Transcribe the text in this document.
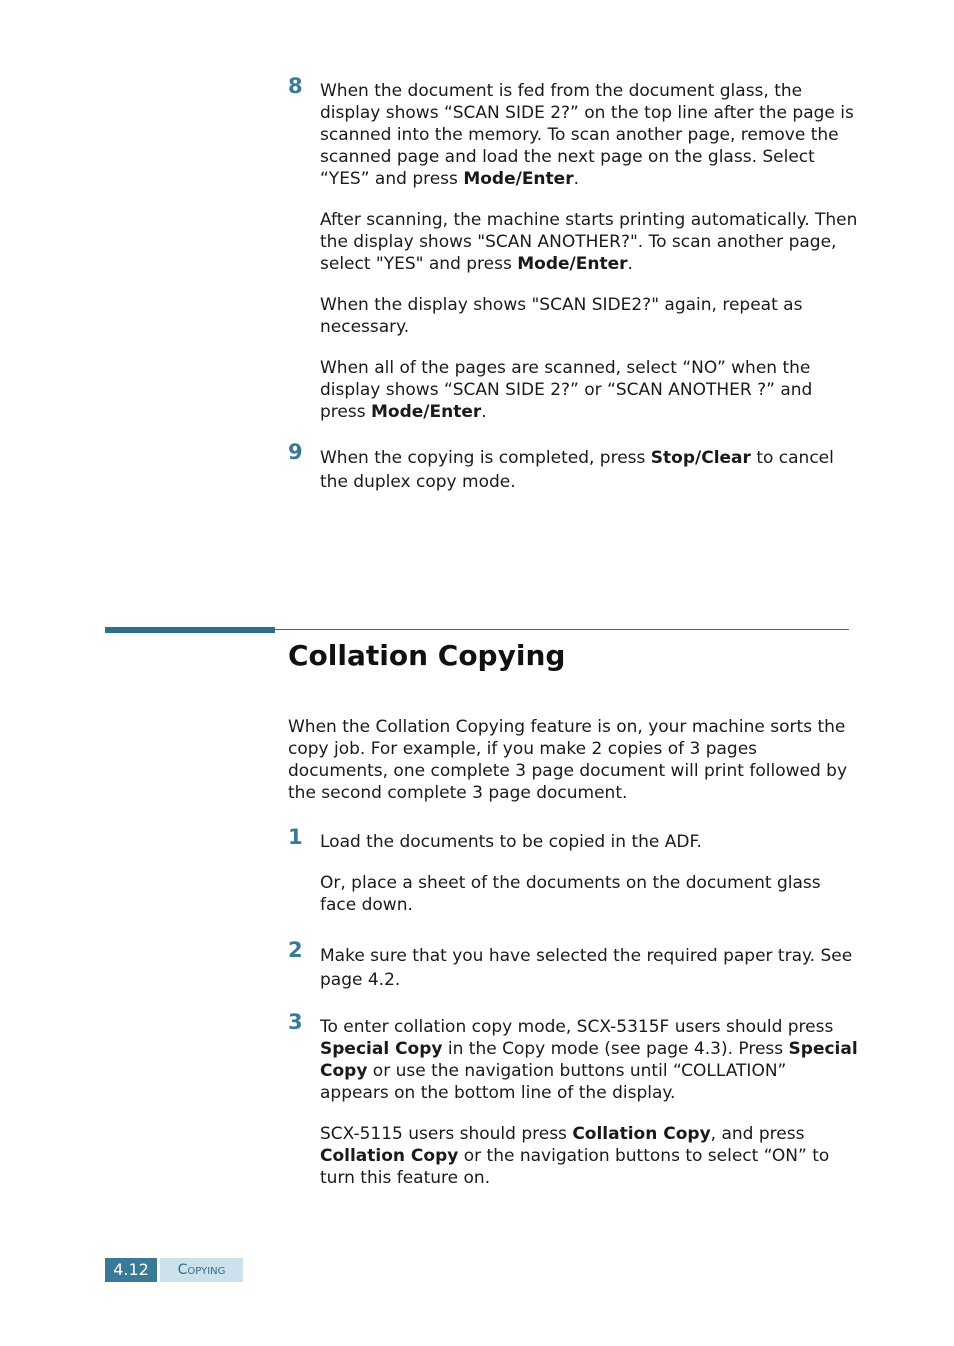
8 When the document is fed from the document glass, the display shows “SCAN SIDE 2?” on the top line after the page is scanned into the memory. To scan another page, remove the scanned page and load the next page on the glass. Select “YES” and press Mode/Enter.

After scanning, the machine starts printing automatically. Then the display shows "SCAN ANOTHER?". To scan another page, select "YES" and press Mode/Enter.

When the display shows "SCAN SIDE2?" again, repeat as necessary.

When all of the pages are scanned, select “NO” when the display shows “SCAN SIDE 2?” or “SCAN ANOTHER ?” and press Mode/Enter.

9 When the copying is completed, press Stop/Clear to cancel the duplex copy mode.

Collation Copying

When the Collation Copying feature is on, your machine sorts the copy job. For example, if you make 2 copies of 3 pages documents, one complete 3 page document will print followed by the second complete 3 page document.

1 Load the documents to be copied in the ADF.

Or, place a sheet of the documents on the document glass face down.

2 Make sure that you have selected the required paper tray. See page 4.2.

3 To enter collation copy mode, SCX-5315F users should press Special Copy in the Copy mode (see page 4.3). Press Special Copy or use the navigation buttons until “COLLATION” appears on the bottom line of the display.

SCX-5115 users should press Collation Copy, and press Collation Copy or the navigation buttons to select “ON” to turn this feature on.

4.12	Copying
